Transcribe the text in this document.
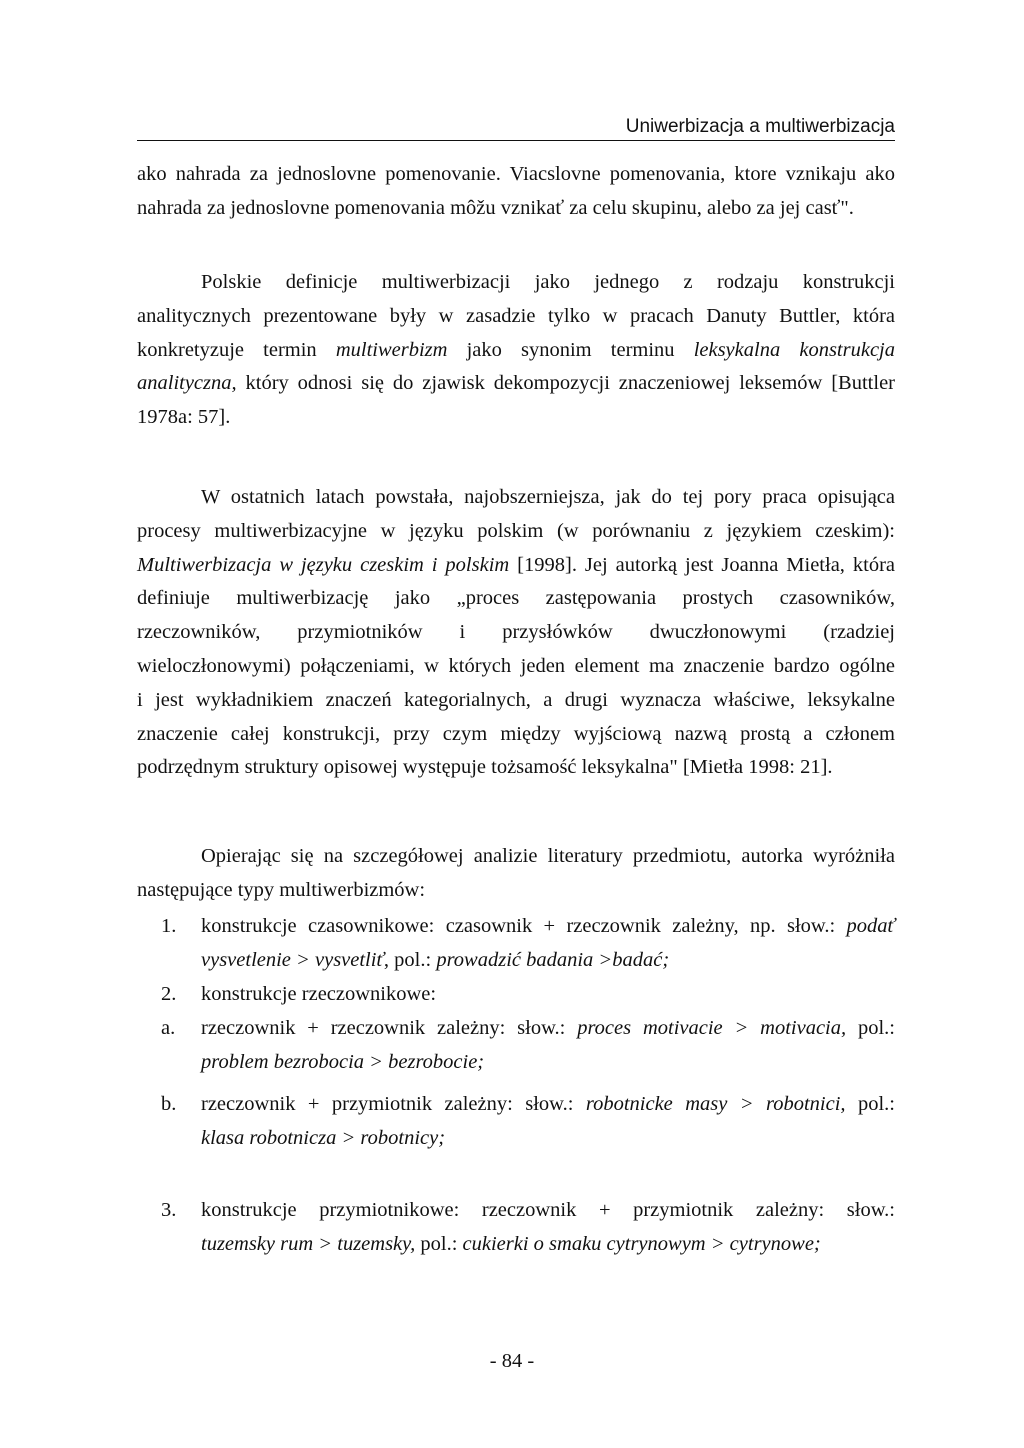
Uniwerbizacja a multiwerbizacja
ako nahrada za jednoslovne pomenovanie. Viacslovne pomenovania, ktore vznikaju ako
nahrada za jednoslovne pomenovania môžu vznikať za celu skupinu, alebo za jej casť".
Polskie definicje multiwerbizacji jako jednego z rodzaju konstrukcji
analitycznych prezentowane były w zasadzie tylko w pracach Danuty Buttler, która
konkretyzuje termin multiwerbizm jako synonim terminu leksykalna konstrukcja
analityczna, który odnosi się do zjawisk dekompozycji znaczeniowej leksemów [Buttler
1978a: 57].
W ostatnich latach powstała, najobszerniejsza, jak do tej pory praca opisująca
procesy multiwerbizacyjne w języku polskim (w porównaniu z językiem czeskim):
Multiwerbizacja w języku czeskim i polskim [1998]. Jej autorką jest Joanna Mietła, która
definiuje multiwerbizację jako „proces zastępowania prostych czasowników,
rzeczowników, przymiotników i przysłówków dwuczłonowymi (rzadziej
wieloczłonowymi) połączeniami, w których jeden element ma znaczenie bardzo ogólne
i jest wykładnikiem znaczeń kategorialnych, a drugi wyznacza właściwe, leksykalne
znaczenie całej konstrukcji, przy czym między wyjściową nazwą prostą a członem
podrzędnym struktury opisowej występuje tożsamość leksykalna" [Mietła 1998: 21].
Opierając się na szczegółowej analizie literatury przedmiotu, autorka wyróżniła
następujące typy multiwerbizmów:
1.	konstrukcje czasownikowe: czasownik + rzeczownik zależny, np. słow.: podať
vysvetlenie > vysvetliť, pol.: prowadzić badania >badać;
2.	konstrukcje rzeczownikowe:
a.	rzeczownik + rzeczownik zależny: słow.: proces motivacie > motivacia, pol.:
problem bezrobocia > bezrobocie;
b.	rzeczownik + przymiotnik zależny: słow.: robotnicke masy > robotnici, pol.:
klasa robotnicza > robotnicy;
3.	konstrukcje przymiotnikowe: rzeczownik + przymiotnik zależny: słow.:
tuzemsky rum > tuzemsky, pol.: cukierki o smaku cytrynowym > cytrynowe;
- 84 -
